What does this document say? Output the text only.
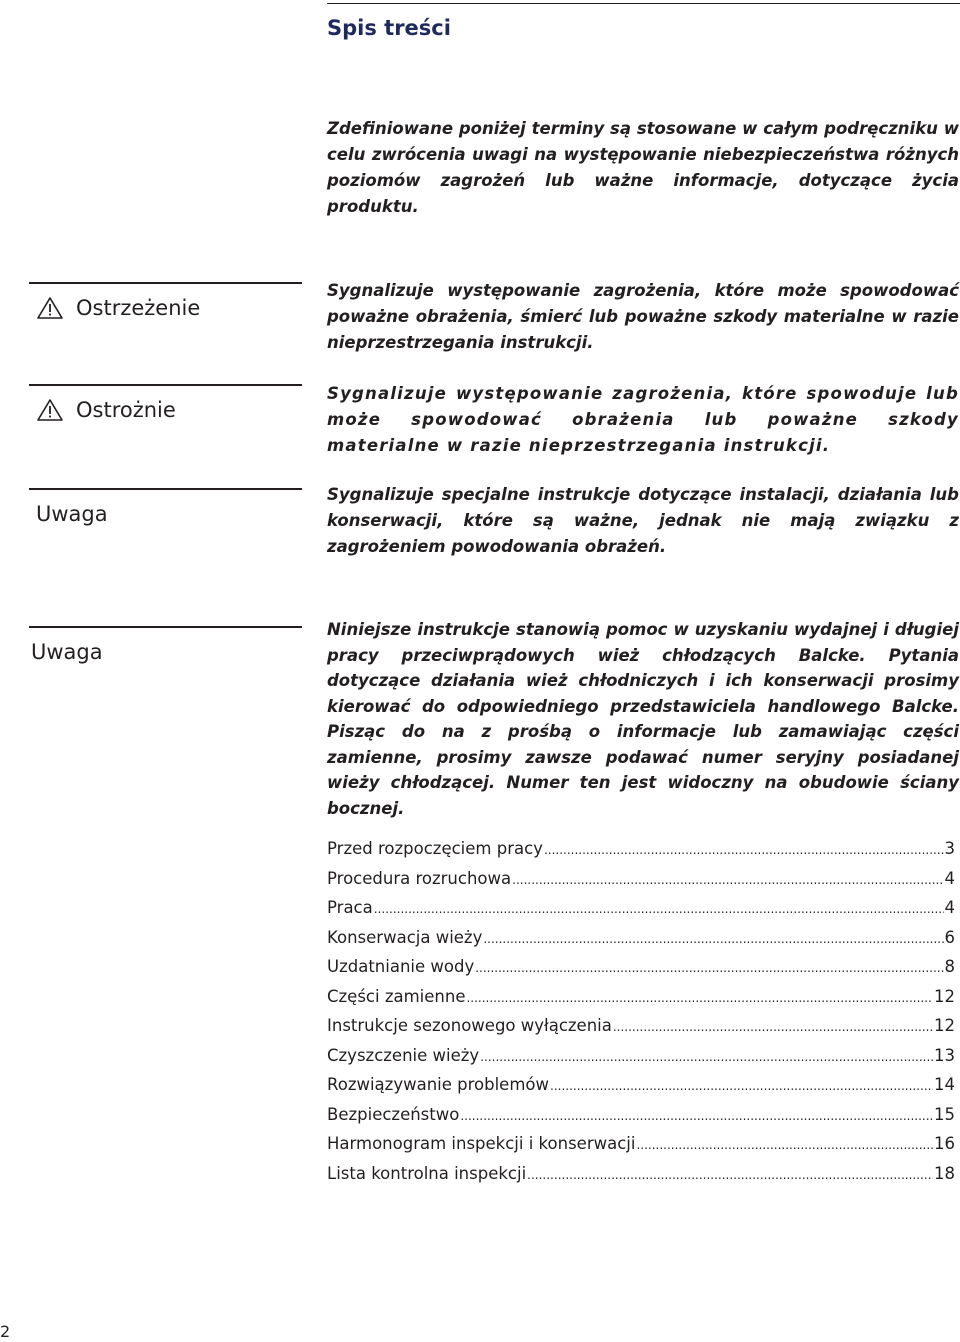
Spis treści
Zdefiniowane poniżej terminy są stosowane w całym podręczniku w celu zwrócenia uwagi na występowanie niebezpieczeństwa różnych poziomów zagrożeń lub ważne informacje, dotyczące życia produktu.
Ostrzeżenie
Sygnalizuje występowanie zagrożenia, które może spowodować poważne obrażenia, śmierć lub poważne szkody materialne w razie nieprzestrzegania instrukcji.
Ostrożnie
Sygnalizuje występowanie zagrożenia, które spowoduje lub może spowodować obrażenia lub poważne szkody materialne w razie nieprzestrzegania instrukcji.
Uwaga
Sygnalizuje specjalne instrukcje dotyczące instalacji, działania lub konserwacji, które są ważne, jednak nie mają związku z zagrożeniem powodowania obrażeń.
Uwaga
Niniejsze instrukcje stanowią pomoc w uzyskaniu wydajnej i długiej pracy przeciwprądowych wież chłodzących Balcke. Pytania dotyczące działania wież chłodniczych i ich konserwacji prosimy kierować do odpowiedniego przedstawiciela handlowego Balcke. Pisząc do na z prośbą o informacje lub zamawiając części zamienne, prosimy zawsze podawać numer seryjny posiadanej wieży chłodzącej. Numer ten jest widoczny na obudowie ściany bocznej.
Przed rozpoczęciem pracy .....	3
Procedura rozruchowa .....	4
Praca .....	4
Konserwacja wieży .....	6
Uzdatnianie wody .....	8
Części zamienne .....	12
Instrukcje sezonowego wyłączenia .....	12
Czyszczenie wieży .....	13
Rozwiązywanie problemów .....	14
Bezpieczeństwo .....	15
Harmonogram inspekcji i konserwacji .....	16
Lista kontrolna inspekcji .....	18
2
